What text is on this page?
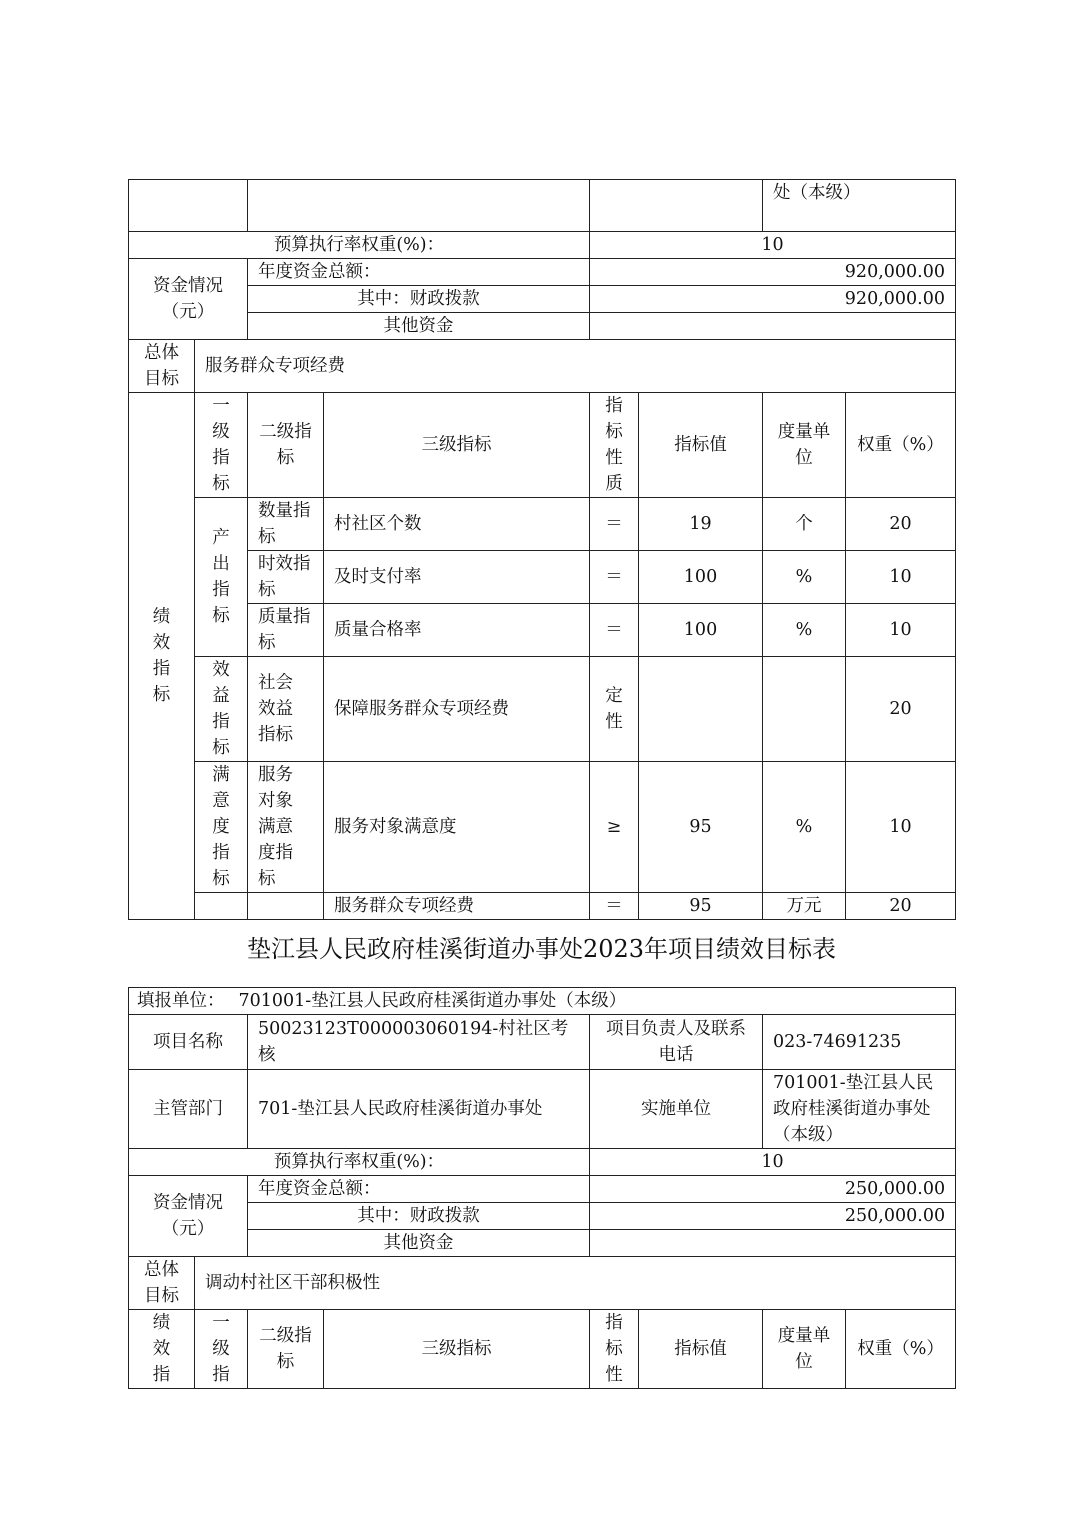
						处（本级）	
预算执行率权重(%)：				10			
资金情况（元）		年度资金总额：		920,000.00			
		其中：财政拨款		920,000.00			
		其他资金					
总体目标	服务群众专项经费						
绩效指标	一级指标	二级指标	三级指标	指标性质	指标值	度量单位	权重（%）
	产出指标	数量指标	村社区个数	＝	19	个	20
		时效指标	及时支付率	＝	100	%	10
		质量指标	质量合格率	＝	100	%	10
	效益指标	社会效益指标	保障服务群众专项经费	定性			20
	满意度指标	服务对象满意度指标	服务对象满意度	≥	95	%	10
			服务群众专项经费	＝	95	万元	20
垫江县人民政府桂溪街道办事处2023年项目绩效目标表
填报单位： 701001-垫江县人民政府桂溪街道办事处（本级）							
项目名称		50023123T000003060194-村社区考核		项目负责人及联系电话		023-74691235	
主管部门		701-垫江县人民政府桂溪街道办事处		实施单位		701001-垫江县人民政府桂溪街道办事处（本级）	
预算执行率权重(%)：				10			
资金情况（元）		年度资金总额：		250,000.00			
		其中：财政拨款		250,000.00			
		其他资金					
总体目标	调动村社区干部积极性						
绩效指	一级指	二级指标	三级指标	指标性	指标值	度量单位	权重（%）
